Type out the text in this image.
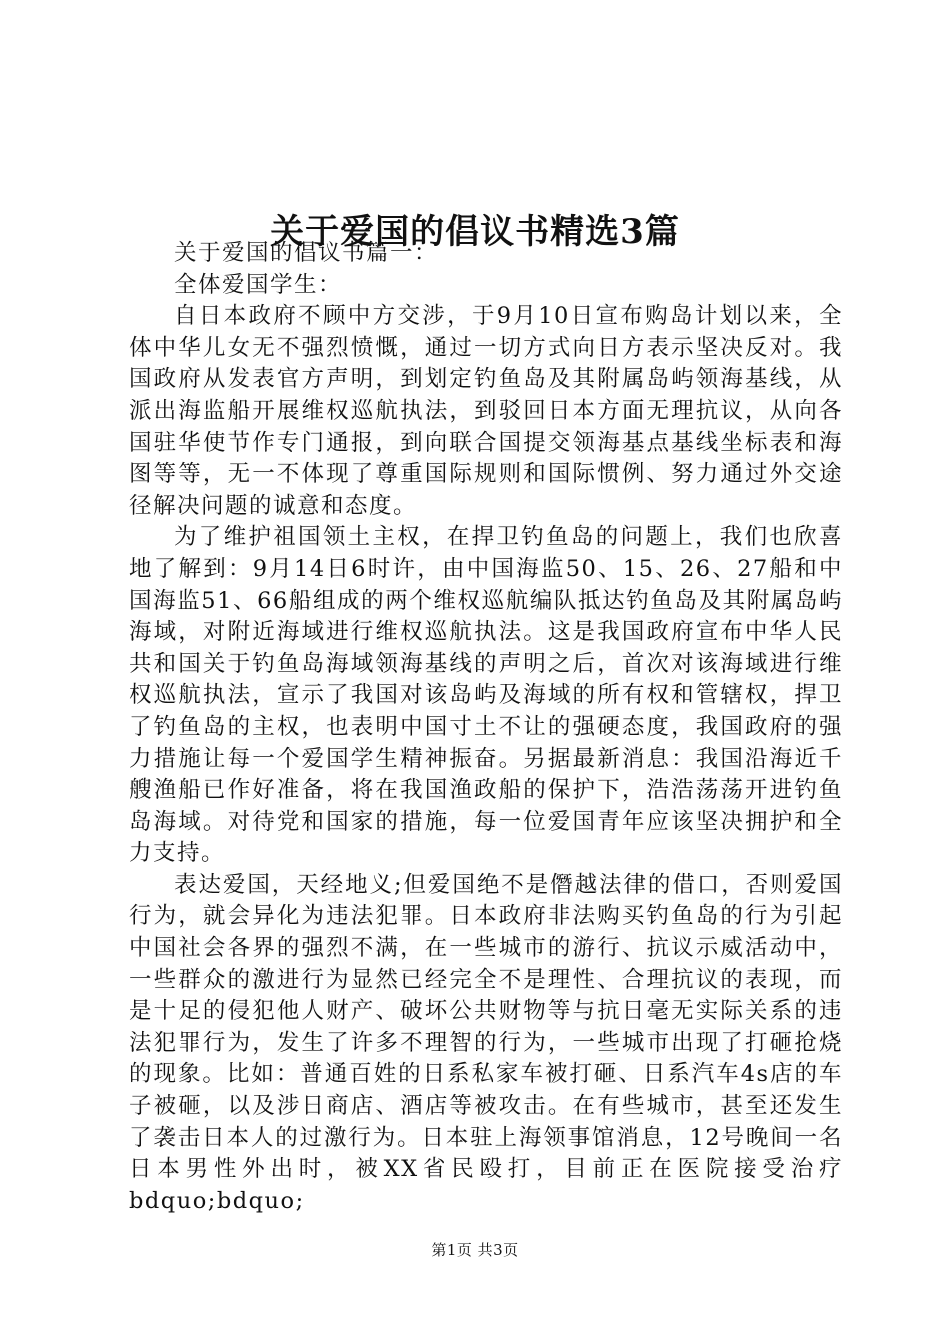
关于爱国的倡议书精选3篇

关于爱国的倡议书篇一：

全体爱国学生：

自日本政府不顾中方交涉，于9月10日宣布购岛计划以来，全体中华儿女无不强烈愤慨，通过一切方式向日方表示坚决反对。我国政府从发表官方声明，到划定钓鱼岛及其附属岛屿领海基线，从派出海监船开展维权巡航执法，到驳回日本方面无理抗议，从向各国驻华使节作专门通报，到向联合国提交领海基点基线坐标表和海图等等，无一不体现了尊重国际规则和国际惯例、努力通过外交途径解决问题的诚意和态度。

为了维护祖国领土主权，在捍卫钓鱼岛的问题上，我们也欣喜地了解到：9月14日6时许，由中国海监50、15、26、27船和中国海监51、66船组成的两个维权巡航编队抵达钓鱼岛及其附属岛屿海域，对附近海域进行维权巡航执法。这是我国政府宣布中华人民共和国关于钓鱼岛海域领海基线的声明之后，首次对该海域进行维权巡航执法，宣示了我国对该岛屿及海域的所有权和管辖权，捍卫了钓鱼岛的主权，也表明中国寸土不让的强硬态度，我国政府的强力措施让每一个爱国学生精神振奋。另据最新消息：我国沿海近千艘渔船已作好准备，将在我国渔政船的保护下，浩浩荡荡开进钓鱼岛海域。对待党和国家的措施，每一位爱国青年应该坚决拥护和全力支持。

表达爱国，天经地义;但爱国绝不是僭越法律的借口，否则爱国行为，就会异化为违法犯罪。日本政府非法购买钓鱼岛的行为引起中国社会各界的强烈不满，在一些城市的游行、抗议示威活动中，一些群众的激进行为显然已经完全不是理性、合理抗议的表现，而是十足的侵犯他人财产、破坏公共财物等与抗日毫无实际关系的违法犯罪行为，发生了许多不理智的行为，一些城市出现了打砸抢烧的现象。比如：普通百姓的日系私家车被打砸、日系汽车4s店的车子被砸，以及涉日商店、酒店等被攻击。在有些城市，甚至还发生了袭击日本人的过激行为。日本驻上海领事馆消息，12号晚间一名日本男性外出时，被XX省民殴打，目前正在医院接受治疗bdquo;bdquo;

第1页 共3页
